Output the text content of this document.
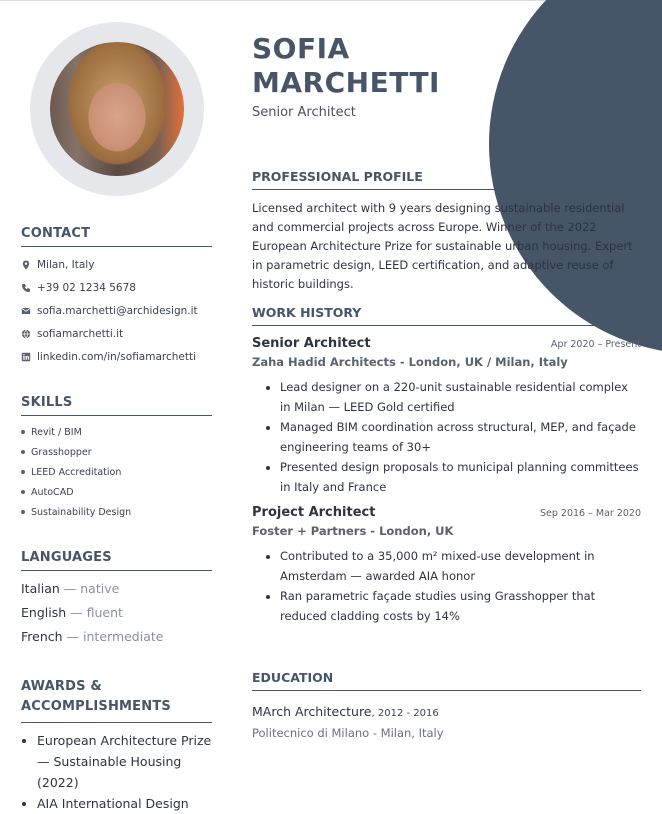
SOFIA MARCHETTI
Senior Architect
CONTACT
Milan, Italy
+39 02 1234 5678
sofia.marchetti@archidesign.it
sofiamarchetti.it
linkedin.com/in/sofiamarchetti
SKILLS
Revit / BIM
Grasshopper
LEED Accreditation
AutoCAD
Sustainability Design
LANGUAGES
Italian — native
English — fluent
French — intermediate
AWARDS & ACCOMPLISHMENTS
• European Architecture Prize — Sustainable Housing (2022)
• AIA International Design
PROFESSIONAL PROFILE

Licensed architect with 9 years designing sustainable residential and commercial projects across Europe. Winner of the 2022 European Architecture Prize for sustainable urban housing. Expert in parametric design, LEED certification, and adaptive reuse of historic buildings.

WORK HISTORY
Senior Architect	Apr 2020 – Present
Zaha Hadid Architects - London, UK / Milan, Italy
• Lead designer on a 220-unit sustainable residential complex in Milan — LEED Gold certified
• Managed BIM coordination across structural, MEP, and façade engineering teams of 30+
• Presented design proposals to municipal planning committees in Italy and France
Project Architect	Sep 2016 – Mar 2020
Foster + Partners - London, UK
• Contributed to a 35,000 m² mixed-use development in Amsterdam — awarded AIA honor
• Ran parametric façade studies using Grasshopper that reduced cladding costs by 14%
EDUCATION
MArch Architecture, 2012 - 2016
Politecnico di Milano - Milan, Italy
